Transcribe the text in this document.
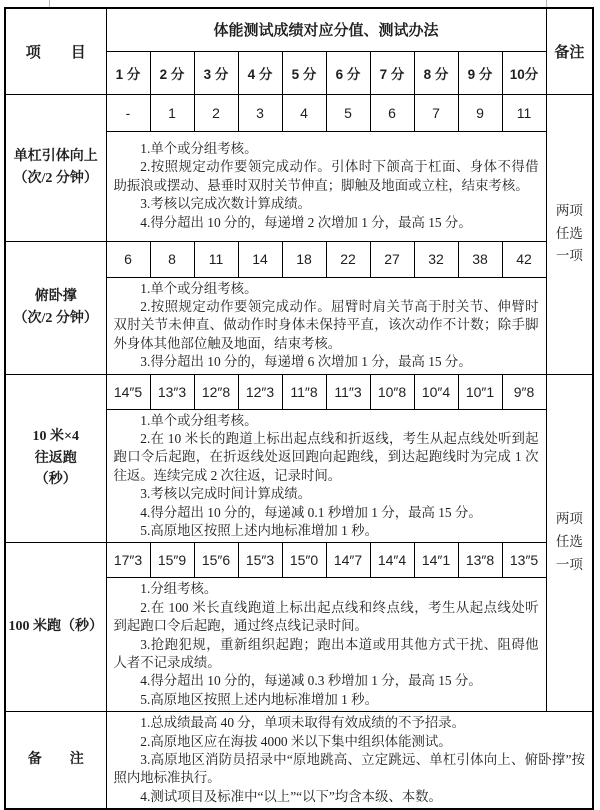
项　　目	体能测试成绩对应分值、测试办法										备注
	1 分	2 分	3 分	4 分	5 分	6 分	7 分	8 分	9 分	10分	

单杠引体向上
（次/2 分钟）	-	1	2	3	4	5	6	7	9	11	两项任选一项

	1.单个或分组考核。

2.按照规定动作要领完成动作。引体时下颌高于杠面、身体不得借助振浪或摆动、悬垂时双肘关节伸直；脚触及地面或立柱，结束考核。

3.考核以完成次数计算成绩。

4.得分超出 10 分的，每递增 2 次增加 1 分，最高 15 分。										

俯卧撑
（次/2 分钟）	6	8	11	14	18	22	27	32	38	42	

	1.单个或分组考核。

2.按照规定动作要领完成动作。屈臂时肩关节高于肘关节、伸臂时双肘关节未伸直、做动作时身体未保持平直，该次动作不计数；除手脚外身体其他部位触及地面，结束考核。

3.得分超出 10 分的，每递增 6 次增加 1 分，最高 15 分。										

10 米×4
往返跑
（秒）	14″5	13″3	12″8	12″3	11″8	11″3	10″8	10″4	10″1	9″8	两项任选一项

	1.单个或分组考核。

2.在 10 米长的跑道上标出起点线和折返线，考生从起点线处听到起跑口令后起跑，在折返线处返回跑向起跑线，到达起跑线时为完成 1 次往返。连续完成 2 次往返，记录时间。

3.考核以完成时间计算成绩。

4.得分超出 10 分的，每递减 0.1 秒增加 1 分，最高 15 分。

5.高原地区按照上述内地标准增加 1 秒。										

100 米跑（秒）	17″3	15″9	15″6	15″3	15″0	14″7	14″4	14″1	13″8	13″5	

	1.分组考核。

2.在 100 米长直线跑道上标出起点线和终点线，考生从起点线处听到起跑口令后起跑，通过终点线记录时间。

3.抢跑犯规，重新组织起跑；跑出本道或用其他方式干扰、阻碍他人者不记录成绩。

4.得分超出 10 分的，每递减 0.3 秒增加 1 分，最高 15 分。

5.高原地区按照上述内地标准增加 1 秒。										

备　　注	1.总成绩最高 40 分，单项未取得有效成绩的不予招录。

2.高原地区应在海拔 4000 米以下集中组织体能测试。

3.高原地区消防员招录中“原地跳高、立定跳远、单杠引体向上、俯卧撑”按照内地标准执行。

4.测试项目及标准中“以上”“以下”均含本级、本数。										
